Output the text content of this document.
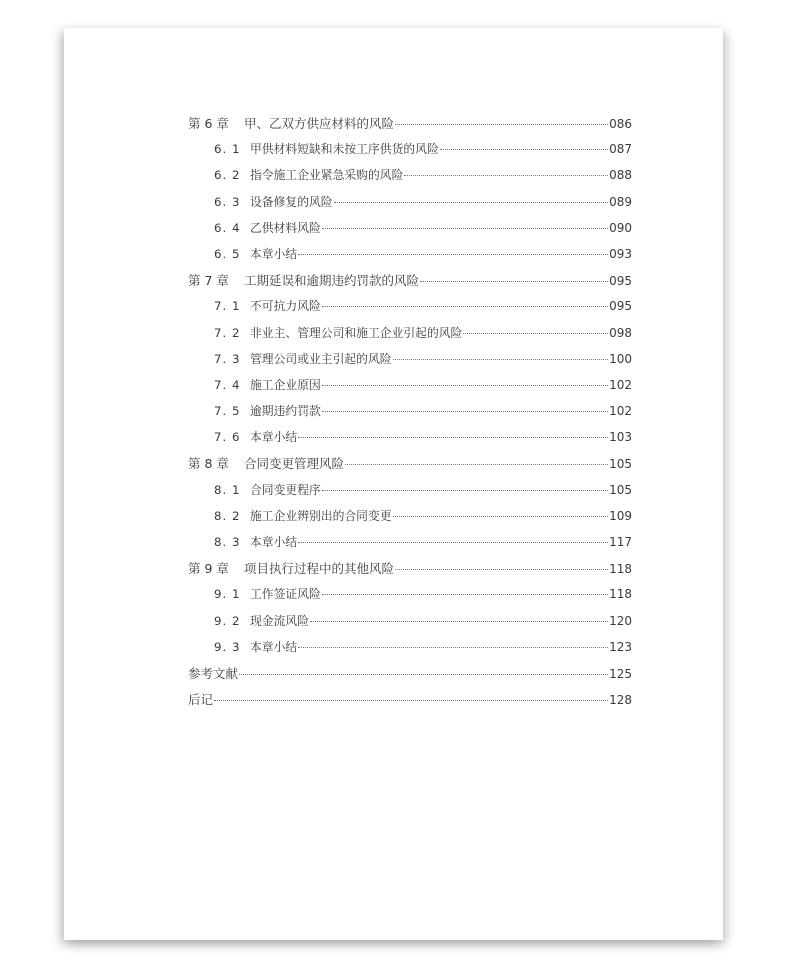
第 6 章	甲、乙双方供应材料的风险	086
6. 1 甲供材料短缺和未按工序供货的风险	087
6. 2 指令施工企业紧急采购的风险	088
6. 3 设备修复的风险	089
6. 4 乙供材料风险	090
6. 5 本章小结	093
第 7 章	工期延误和逾期违约罚款的风险	095
7. 1 不可抗力风险	095
7. 2 非业主、管理公司和施工企业引起的风险	098
7. 3 管理公司或业主引起的风险	100
7. 4 施工企业原因	102
7. 5 逾期违约罚款	102
7. 6 本章小结	103
第 8 章	合同变更管理风险	105
8. 1 合同变更程序	105
8. 2 施工企业辨别出的合同变更	109
8. 3 本章小结	117
第 9 章	项目执行过程中的其他风险	118
9. 1 工作签证风险	118
9. 2 现金流风险	120
9. 3 本章小结	123
参考文献	125
后记	128
